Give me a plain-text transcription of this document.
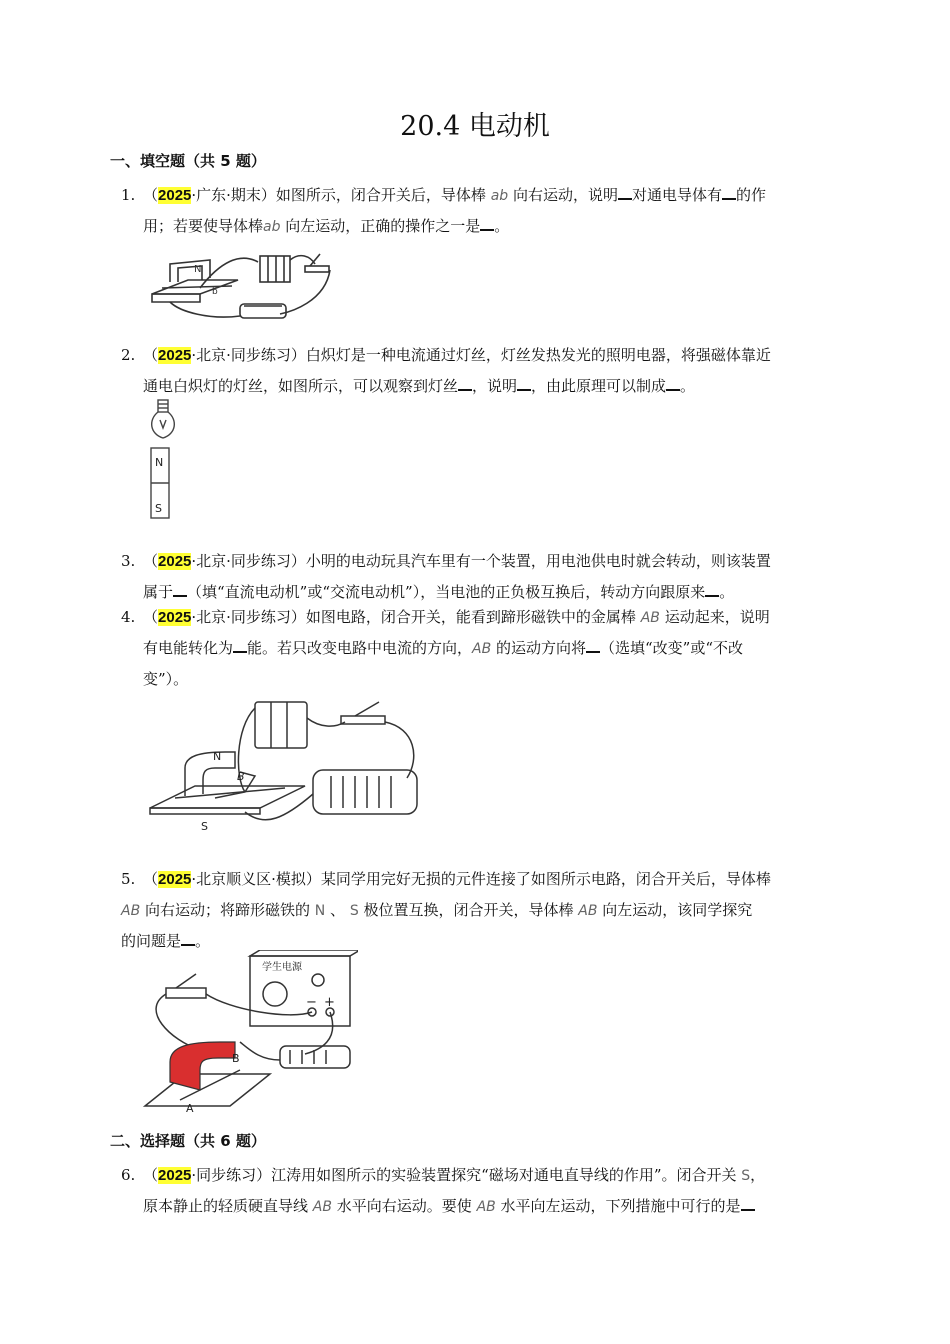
20.4 电动机
一、填空题（共 5 题）
1. （2025·广东·期末）如图所示，闭合开关后，导体棒 ab 向右运动，说明 对通电导体有 的作
用；若要使导体棒ab 向左运动，正确的操作之一是 。
N
b
2. （2025·北京·同步练习）白炽灯是一种电流通过灯丝，灯丝发热发光的照明电器，将强磁体靠近
通电白炽灯的灯丝，如图所示，可以观察到灯丝 ，说明 ，由此原理可以制成 。
N
S
3. （2025·北京·同步练习）小明的电动玩具汽车里有一个装置，用电池供电时就会转动，则该装置
属于 （填“直流电动机”或“交流电动机”），当电池的正负极互换后，转动方向跟原来 。
4. （2025·北京·同步练习）如图电路，闭合开关，能看到蹄形磁铁中的金属棒 AB 运动起来，说明
有电能转化为 能。若只改变电路中电流的方向，AB 的运动方向将 （选填“改变”或“不改
变”）。
N
S
B
5. （2025·北京顺义区·模拟）某同学用完好无损的元件连接了如图所示电路，闭合开关后，导体棒
AB 向右运动；将蹄形磁铁的 N 、 S 极位置互换，闭合开关，导体棒 AB 向左运动，该同学探究
的问题是 。
学生电源
− +
B
A
二、选择题（共 6 题）
6. （2025·同步练习）江涛用如图所示的实验装置探究“磁场对通电直导线的作用”。闭合开关 S，
原本静止的轻质硬直导线 AB 水平向右运动。要使 AB 水平向左运动，下列措施中可行的是
